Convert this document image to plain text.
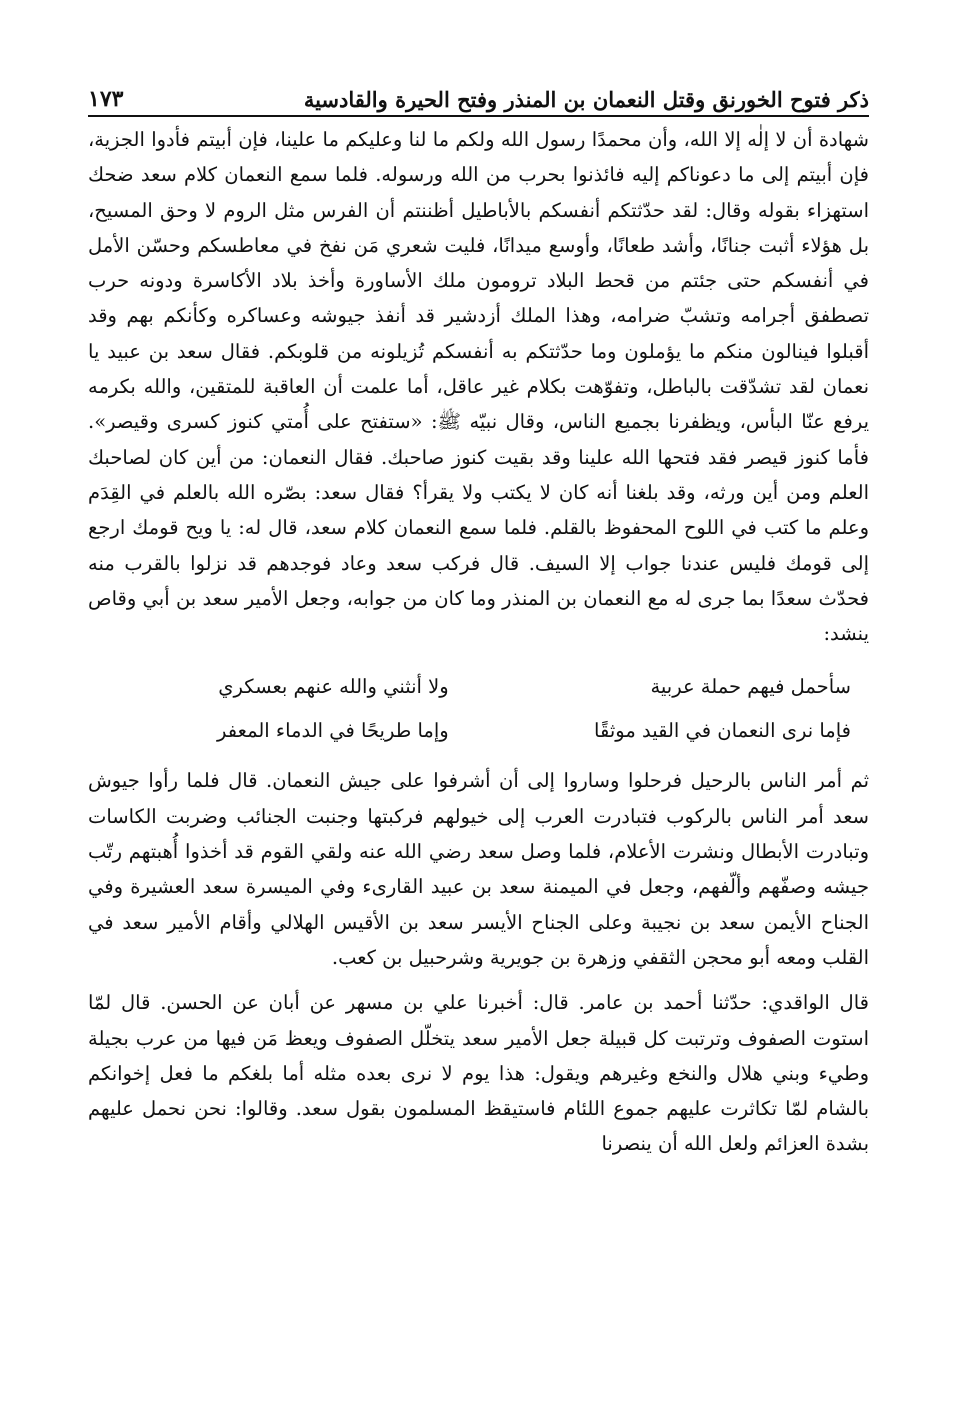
ذكر فتوح الخورنق وقتل النعمان بن المنذر وفتح الحيرة والقادسية
١٧٣

شهادة أن لا إلٰه إلا الله، وأن محمدًا رسول الله ولكم ما لنا وعليكم ما علينا، فإن أبيتم فأدوا الجزية، فإن أبيتم إلى ما دعوناكم إليه فائذنوا بحرب من الله ورسوله. فلما سمع النعمان كلام سعد ضحك استهزاء بقوله وقال: لقد حدّثتكم أنفسكم بالأباطيل أظننتم أن الفرس مثل الروم لا وحق المسيح، بل هؤلاء أثبت جنانًا، وأشد طعانًا، وأوسع ميدانًا، فليت شعري مَن نفخ في معاطسكم وحسّن الأمل في أنفسكم حتى جئتم من قحط البلاد ترومون ملك الأساورة وأخذ بلاد الأكاسرة ودونه حرب تصطفق أجرامه وتشبّ ضرامه، وهذا الملك أزدشير قد أنفذ جيوشه وعساكره وكأنكم بهم وقد أقبلوا فينالون منكم ما يؤملون وما حدّثتكم به أنفسكم تُزيلونه من قلوبكم. فقال سعد بن عبيد يا نعمان لقد تشدّقت بالباطل، وتفوّهت بكلام غير عاقل، أما علمت أن العاقبة للمتقين، والله بكرمه يرفع عنّا البأس، ويظفرنا بجميع الناس، وقال نبيّه ﷺ: «ستفتح على أُمتي كنوز كسرى وقيصر». فأما كنوز قيصر فقد فتحها الله علينا وقد بقيت كنوز صاحبك. فقال النعمان: من أين كان لصاحبك العلم ومن أين ورثه، وقد بلغنا أنه كان لا يكتب ولا يقرأ؟ فقال سعد: بصّره الله بالعلم في القِدَم وعلم ما كتب في اللوح المحفوظ بالقلم. فلما سمع النعمان كلام سعد، قال له: يا ويح قومك ارجع إلى قومك فليس عندنا جواب إلا السيف. قال فركب سعد وعاد فوجدهم قد نزلوا بالقرب منه فحدّث سعدًا بما جرى له مع النعمان بن المنذر وما كان من جوابه، وجعل الأمير سعد بن أبي وقاص ينشد:

سأحمل فيهم حملة عربية
ولا أنثني والله عنهم بعسكري
فإما نرى النعمان في القيد موثقًا
وإما طريحًا في الدماء المعفر

ثم أمر الناس بالرحيل فرحلوا وساروا إلى أن أشرفوا على جيش النعمان. قال فلما رأوا جيوش سعد أمر الناس بالركوب فتبادرت العرب إلى خيولهم فركبتها وجنبت الجنائب وضربت الكاسات وتبادرت الأبطال ونشرت الأعلام، فلما وصل سعد رضي الله عنه ولقي القوم قد أخذوا أُهبتهم رتّب جيشه وصفّهم وألّفهم، وجعل في الميمنة سعد بن عبيد القارىء وفي الميسرة سعد العشيرة وفي الجناح الأيمن سعد بن نجيبة وعلى الجناح الأيسر سعد بن الأقيس الهلالي وأقام الأمير سعد في القلب ومعه أبو محجن الثقفي وزهرة بن جويرية وشرحبيل بن كعب.

قال الواقدي: حدّثنا أحمد بن عامر. قال: أخبرنا علي بن مسهر عن أبان عن الحسن. قال لمّا استوت الصفوف وترتبت كل قبيلة جعل الأمير سعد يتخلّل الصفوف ويعظ مَن فيها من عرب بجيلة وطيء وبني هلال والنخع وغيرهم ويقول: هذا يوم لا نرى بعده مثله أما بلغكم ما فعل إخوانكم بالشام لمّا تكاثرت عليهم جموع اللئام فاستيقظ المسلمون بقول سعد. وقالوا: نحن نحمل عليهم بشدة العزائم ولعل الله أن ينصرنا
